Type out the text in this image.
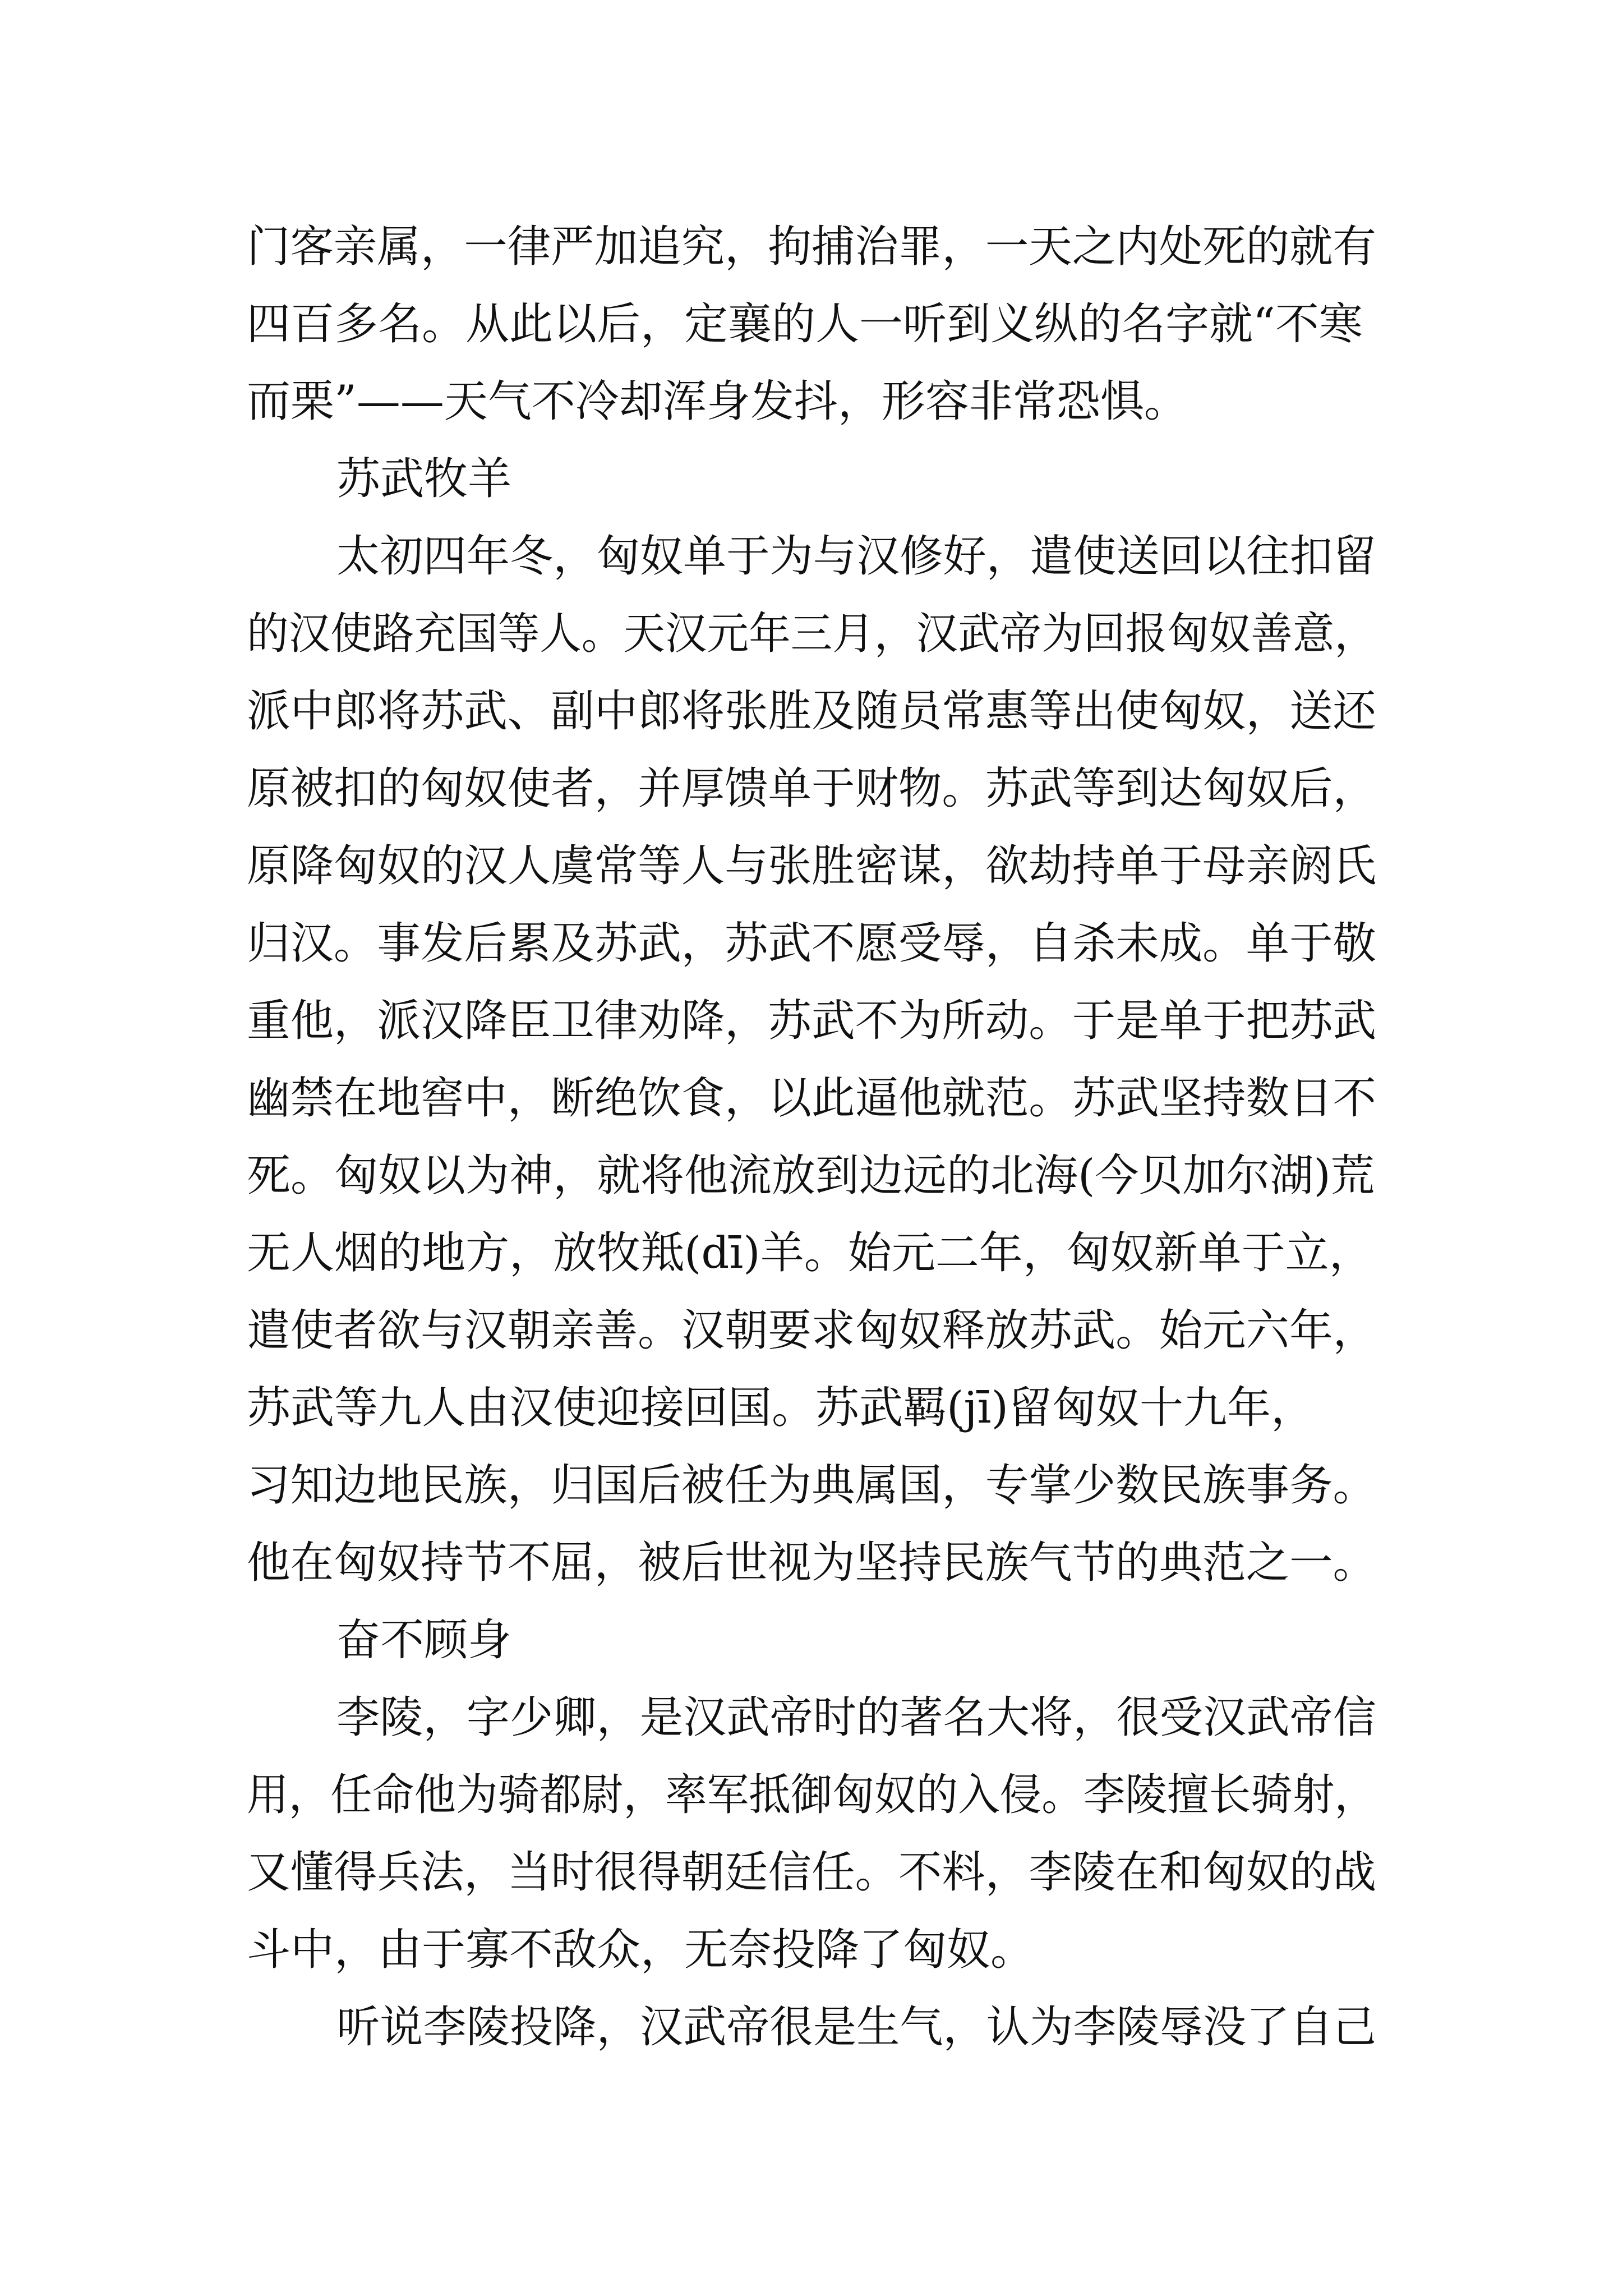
门客亲属，一律严加追究，拘捕治罪，一天之内处死的就有

四百多名。从此以后，定襄的人一听到义纵的名字就“不寒

而栗”——天气不冷却浑身发抖，形容非常恐惧。

苏武牧羊

太初四年冬，匈奴单于为与汉修好，遣使送回以往扣留

的汉使路充国等人。天汉元年三月，汉武帝为回报匈奴善意，

派中郎将苏武、副中郎将张胜及随员常惠等出使匈奴，送还

原被扣的匈奴使者，并厚馈单于财物。苏武等到达匈奴后，

原降匈奴的汉人虞常等人与张胜密谋，欲劫持单于母亲阏氏

归汉。事发后累及苏武，苏武不愿受辱，自杀未成。单于敬

重他，派汉降臣卫律劝降，苏武不为所动。于是单于把苏武

幽禁在地窖中，断绝饮食，以此逼他就范。苏武坚持数日不

死。匈奴以为神，就将他流放到边远的北海(今贝加尔湖)荒

无人烟的地方，放牧羝(dī)羊。始元二年，匈奴新单于立，

遣使者欲与汉朝亲善。汉朝要求匈奴释放苏武。始元六年，

苏武等九人由汉使迎接回国。苏武羁(jī)留匈奴十九年，

习知边地民族，归国后被任为典属国，专掌少数民族事务。

他在匈奴持节不屈，被后世视为坚持民族气节的典范之一。

奋不顾身

李陵，字少卿，是汉武帝时的著名大将，很受汉武帝信

用，任命他为骑都尉，率军抵御匈奴的入侵。李陵擅长骑射，

又懂得兵法，当时很得朝廷信任。不料，李陵在和匈奴的战

斗中，由于寡不敌众，无奈投降了匈奴。

听说李陵投降，汉武帝很是生气，认为李陵辱没了自己
